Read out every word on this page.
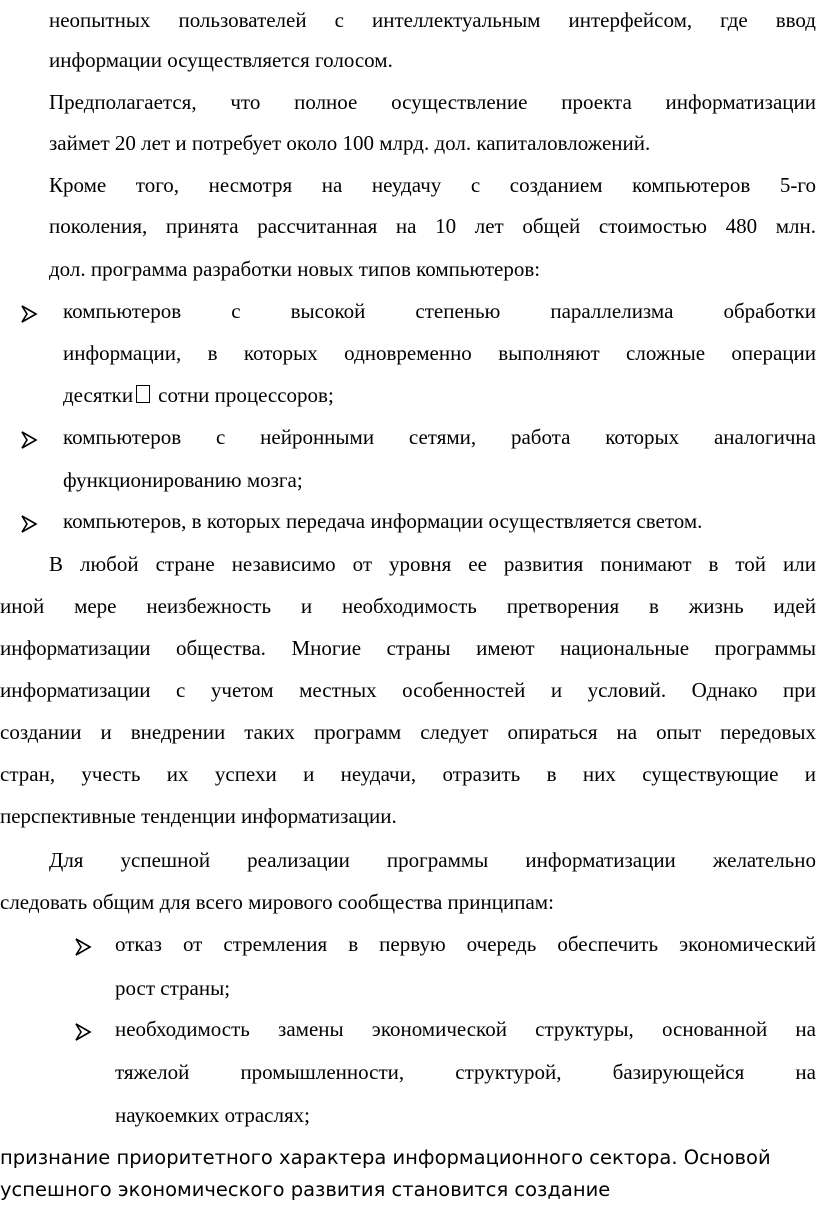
неопытных пользователей с интеллектуальным интерфейсом, где ввод

информации осуществляется голосом.

Предполагается, что полное осуществление проекта информатизации

займет 20 лет и потребует около 100 млрд. дол. капиталовложений.

Кроме того, несмотря на неудачу с созданием компьютеров 5-го

поколения, принята рассчитанная на 10 лет общей стоимостью 480 млн.

дол. программа разработки новых типов компьютеров:

компьютеров с высокой степенью параллелизма обработки

информации, в которых одновременно выполняют сложные операции

десятки сотни процессоров;

компьютеров с нейронными сетями, работа которых аналогична

функционированию мозга;

компьютеров, в которых передача информации осуществляется светом.

В любой стране независимо от уровня ее развития понимают в той или

иной мере неизбежность и необходимость претворения в жизнь идей

информатизации общества. Многие страны имеют национальные программы

информатизации с учетом местных особенностей и условий. Однако при

создании и внедрении таких программ следует опираться на опыт передовых

стран, учесть их успехи и неудачи, отразить в них существующие и

перспективные тенденции информатизации.

Для успешной реализации программы информатизации желательно

следовать общим для всего мирового сообщества принципам:

отказ от стремления в первую очередь обеспечить экономический

рост страны;

необходимость замены экономической структуры, основанной на

тяжелой промышленности, структурой, базирующейся на

наукоемких отраслях;

признание приоритетного характера информационного сектора. Основой

успешного экономического развития становится создание
